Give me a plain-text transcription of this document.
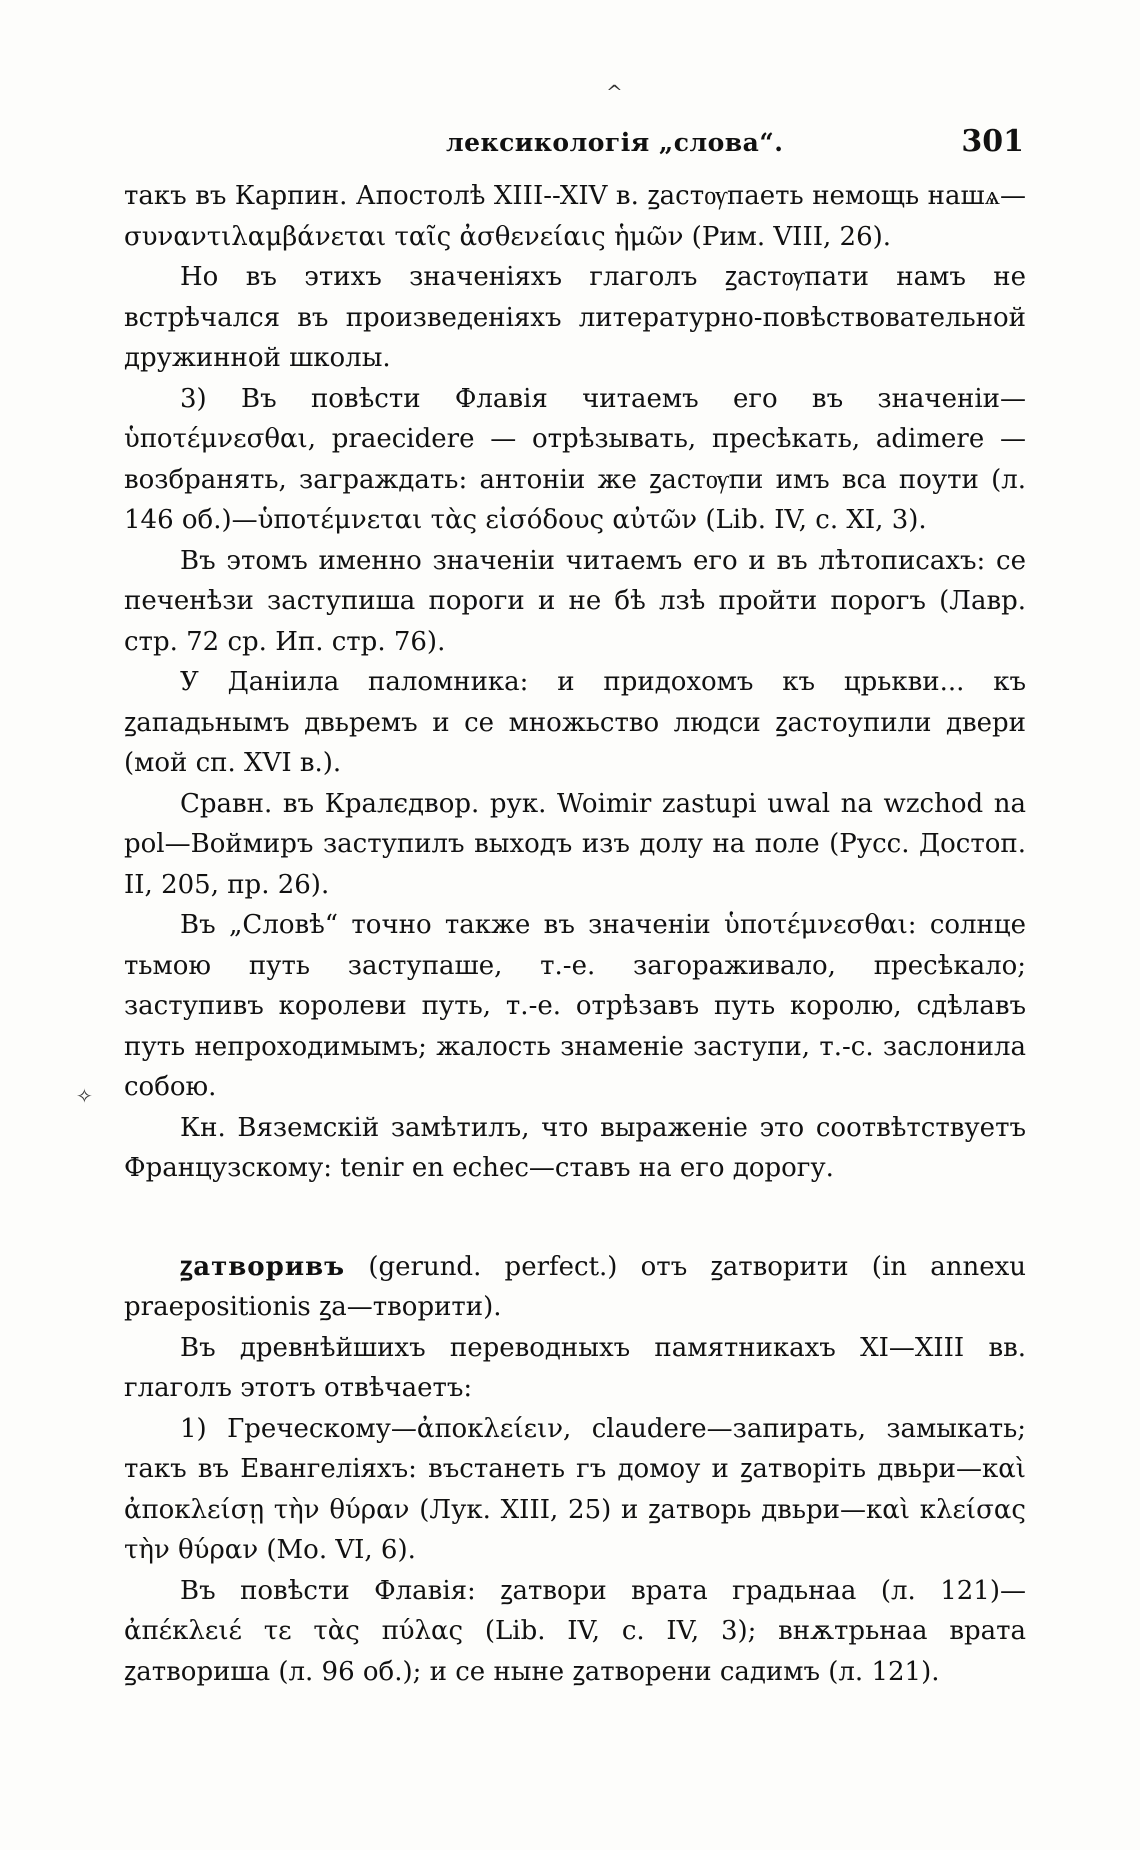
лексикологія „слова“.	301

такъ въ Карпин. Апостолѣ XIII--XIV в. ꙁастѹпаеть немощь нашѧ—συναντιλαμβάνεται ταῖς ἀσθενείαις ἡμῶν (Рим. VIII, 26).

Но въ этихъ значеніяхъ глаголъ ꙁастѹпати намъ не встрѣчался въ произведеніяхъ литературно-повѣствовательной дружинной школы.

3) Въ повѣсти Флавія читаемъ его въ значеніи—ὑποτέμνεσθαι, praecidere — отрѣзывать, пресѣкать, adimere — возбранять, заграждать: антоніи же ꙁастѹпи имъ вса поути (л. 146 об.)—ὑποτέμνεται τὰς εἰσόδους αὐτῶν (Lib. IV, с. XI, 3).

Въ этомъ именно значеніи читаемъ его и въ лѣтописахъ: се печенѣзи заступиша пороги и не бѣ лзѣ пройти порогъ (Лавр. стр. 72 ср. Ип. стр. 76).

У Даніила паломника: и придохомъ къ црькви... къ ꙁападьнымъ двьремъ и се множьство людси ꙁастоупили двери (мой сп. XVI в.).

Сравн. въ Кралєдвор. рук. Woimir zastupi uwal na wzchod na pol—Воймиръ заступилъ выходъ изъ долу на поле (Русс. Достоп. II, 205, пр. 26).

Въ „Словѣ“ точно также въ значеніи ὑποτέμνεσθαι: солнце тьмою путь заступаше, т.-е. загораживало, пресѣкало; заступивъ королеви путь, т.-е. отрѣзавъ путь королю, сдѣлавъ путь непроходимымъ; жалость знаменіе заступи, т.-с. заслонила собою.

Кн. Вяземскій замѣтилъ, что выраженіе это соотвѣтствуетъ Французскому: tenir en echec—ставъ на его дорогу.

ꙁатворивъ (gerund. perfect.) отъ ꙁатворити (in annexu praepositionis ꙁа—творити).

Въ древнѣйшихъ переводныхъ памятникахъ XI—XIII вв. глаголъ этотъ отвѣчаетъ:

1) Греческому—ἀποκλείειν, claudere—запирать, замыкать; такъ въ Евангеліяхъ: въстанеть гъ домоу и ꙁатворіть двьри—καὶ ἀποκλείσῃ τὴν θύραν (Лук. XIII, 25) и ꙁатворь двьри—καὶ κλείσας τὴν θύραν (Мо. VI, 6).

Въ повѣсти Флавія: ꙁатвори врата градьнаа (л. 121)—ἀπέκλειέ τε τὰς πύλας (Lib. IV, с. IV, 3); внѫтрьнаа врата ꙁатвориша (л. 96 об.); и се ныне ꙁатворени садимъ (л. 121).

^
✧
